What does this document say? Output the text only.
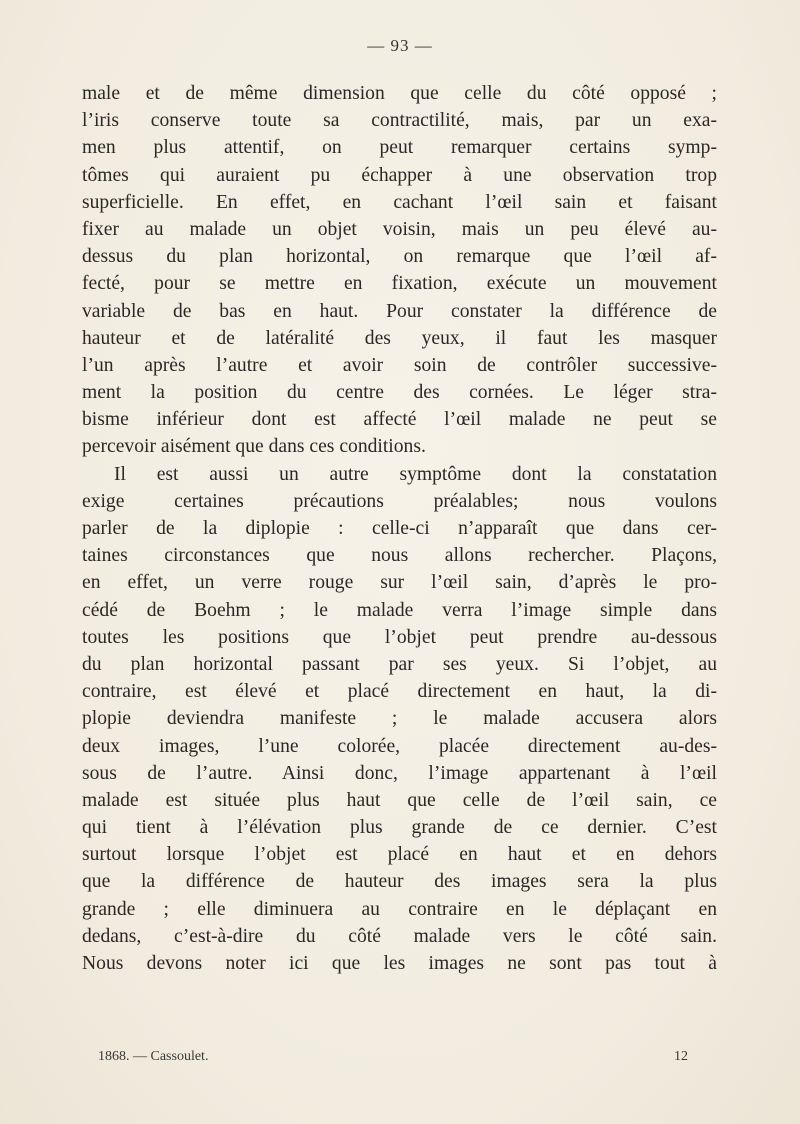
— 93 —
male et de même dimension que celle du côté opposé ;
l’iris conserve toute sa contractilité, mais, par un exa-
men plus attentif, on peut remarquer certains symp-
tômes qui auraient pu échapper à une observation trop
superficielle. En effet, en cachant l’œil sain et faisant
fixer au malade un objet voisin, mais un peu élevé au-
dessus du plan horizontal, on remarque que l’œil af-
fecté, pour se mettre en fixation, exécute un mouvement
variable de bas en haut. Pour constater la différence de
hauteur et de latéralité des yeux, il faut les masquer
l’un après l’autre et avoir soin de contrôler successive-
ment la position du centre des cornées. Le léger stra-
bisme inférieur dont est affecté l’œil malade ne peut se
percevoir aisément que dans ces conditions.
Il est aussi un autre symptôme dont la constatation
exige certaines précautions préalables; nous voulons
parler de la diplopie : celle-ci n’apparaît que dans cer-
taines circonstances que nous allons rechercher. Plaçons,
en effet, un verre rouge sur l’œil sain, d’après le pro-
cédé de Boehm ; le malade verra l’image simple dans
toutes les positions que l’objet peut prendre au-dessous
du plan horizontal passant par ses yeux. Si l’objet, au
contraire, est élevé et placé directement en haut, la di-
plopie deviendra manifeste ; le malade accusera alors
deux images, l’une colorée, placée directement au-des-
sous de l’autre. Ainsi donc, l’image appartenant à l’œil
malade est située plus haut que celle de l’œil sain, ce
qui tient à l’élévation plus grande de ce dernier. C’est
surtout lorsque l’objet est placé en haut et en dehors
que la différence de hauteur des images sera la plus
grande ; elle diminuera au contraire en le déplaçant en
dedans, c’est-à-dire du côté malade vers le côté sain.
Nous devons noter ici que les images ne sont pas tout à
1868. — Cassoulet.	12
